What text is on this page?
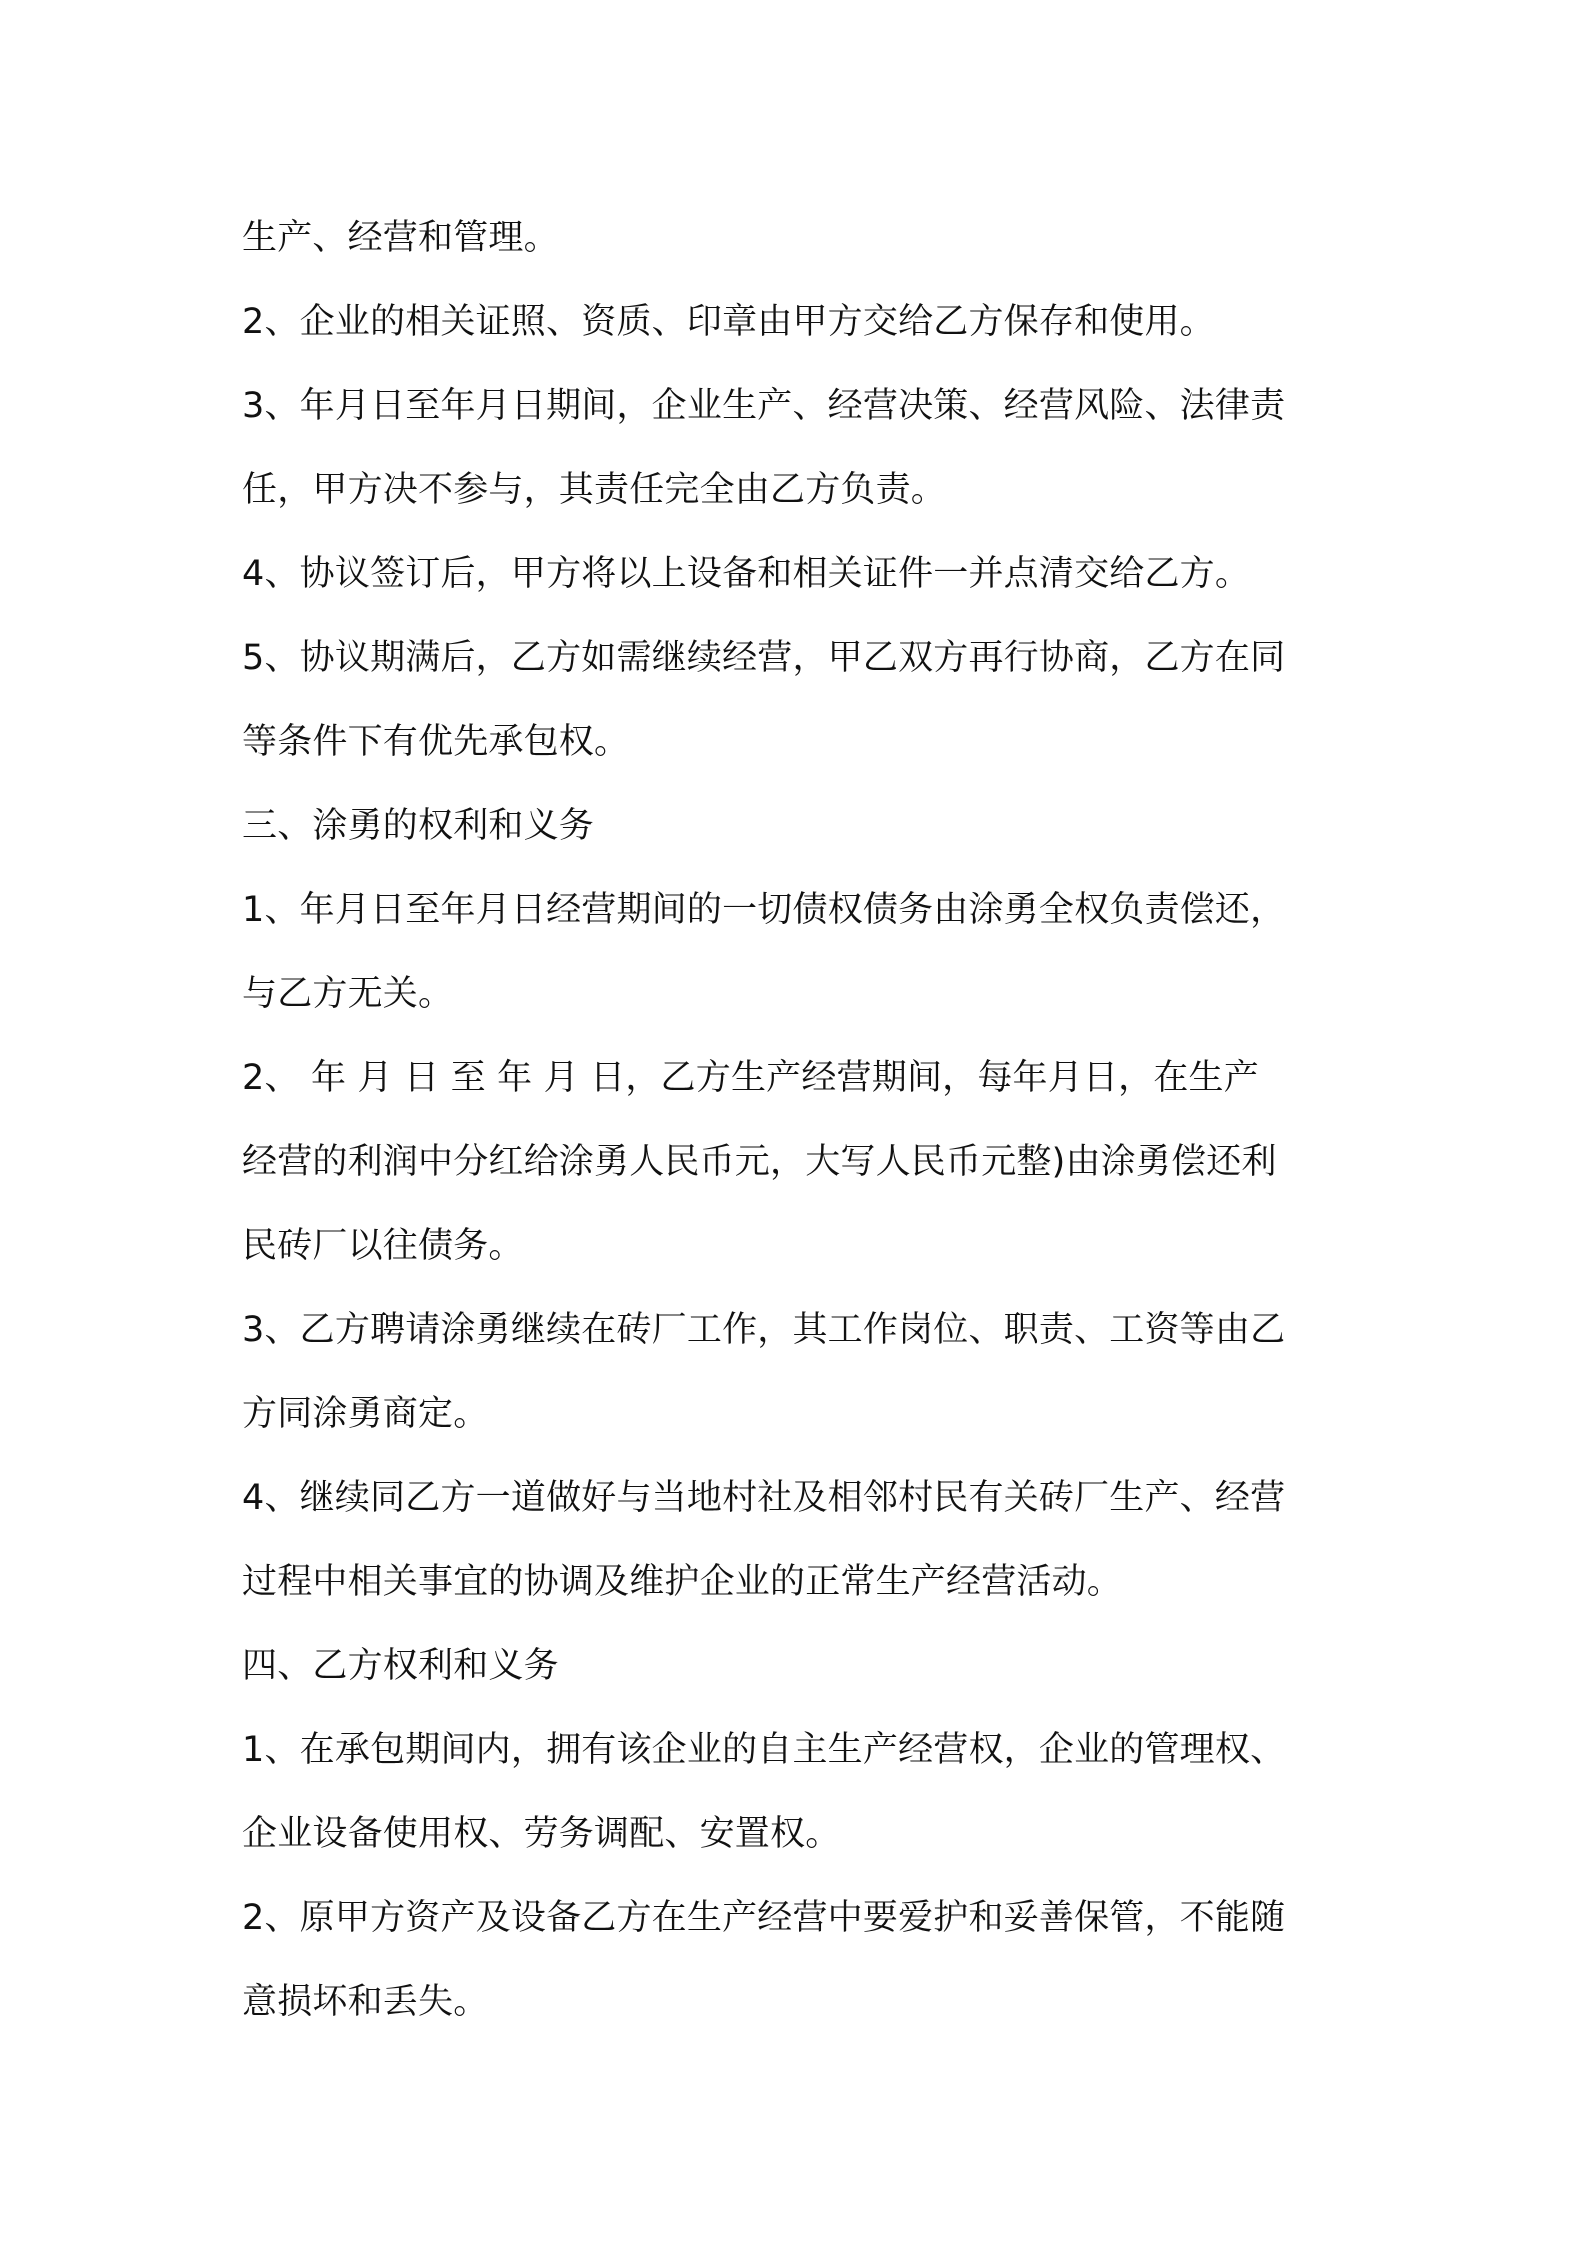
生产、经营和管理。
2、企业的相关证照、资质、印章由甲方交给乙方保存和使用。
3、年月日至年月日期间，企业生产、经营决策、经营风险、法律责
任，甲方决不参与，其责任完全由乙方负责。
4、协议签订后，甲方将以上设备和相关证件一并点清交给乙方。
5、协议期满后，乙方如需继续经营，甲乙双方再行协商，乙方在同
等条件下有优先承包权。
三、涂勇的权利和义务
1、年月日至年月日经营期间的一切债权债务由涂勇全权负责偿还，
与乙方无关。
2、 年 月 日 至 年 月 日，乙方生产经营期间，每年月日，在生产
经营的利润中分红给涂勇人民币元，大写人民币元整)由涂勇偿还利
民砖厂以往债务。
3、乙方聘请涂勇继续在砖厂工作，其工作岗位、职责、工资等由乙
方同涂勇商定。
4、继续同乙方一道做好与当地村社及相邻村民有关砖厂生产、经营
过程中相关事宜的协调及维护企业的正常生产经营活动。
四、乙方权利和义务
1、在承包期间内，拥有该企业的自主生产经营权，企业的管理权、
企业设备使用权、劳务调配、安置权。
2、原甲方资产及设备乙方在生产经营中要爱护和妥善保管，不能随
意损坏和丢失。
